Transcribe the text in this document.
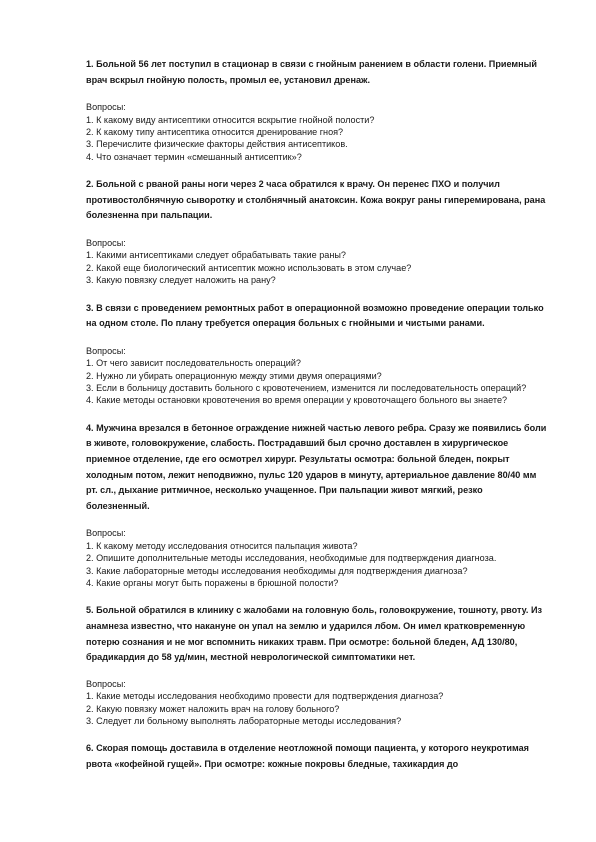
1. Больной 56 лет поступил в стационар в связи с гнойным ранением в области голени. Приемный врач вскрыл гнойную полость, промыл ее, установил дренаж.

Вопросы:

1. К какому виду антисептики относится вскрытие гнойной полости?

2. К какому типу антисептика относится дренирование гноя?

3. Перечислите физические факторы действия антисептиков.

4. Что означает термин «смешанный антисептик»?

2. Больной с рваной раны ноги через 2 часа обратился к врачу. Он перенес ПХО и получил противостолбнячную сыворотку и столбнячный анатоксин. Кожа вокруг раны гиперемирована, рана болезненна при пальпации.

Вопросы:

1. Какими антисептиками следует обрабатывать такие раны?

2. Какой еще биологический антисептик можно использовать в этом случае?

3. Какую повязку следует наложить на рану?

3. В связи с проведением ремонтных работ в операционной возможно проведение операции только на одном столе. По плану требуется операция больных с гнойными и чистыми ранами.

Вопросы:

1. От чего зависит последовательность операций?

2. Нужно ли убирать операционную между этими двумя операциями?

3. Если в больницу доставить больного с кровотечением, изменится ли последовательность операций?

4. Какие методы остановки кровотечения во время операции у кровоточащего больного вы знаете?

4. Мужчина врезался в бетонное ограждение нижней частью левого ребра. Сразу же появились боли в животе, головокружение, слабость. Пострадавший был срочно доставлен в хирургическое приемное отделение, где его осмотрел хирург. Результаты осмотра: больной бледен, покрыт холодным потом, лежит неподвижно, пульс 120 ударов в минуту, артериальное давление 80/40 мм рт. сл., дыхание ритмичное, несколько учащенное. При пальпации живот мягкий, резко болезненный.

Вопросы:

1. К какому методу исследования относится пальпация живота?

2. Опишите дополнительные методы исследования, необходимые для подтверждения диагноза.

3. Какие лабораторные методы исследования необходимы для подтверждения диагноза?

4. Какие органы могут быть поражены в брюшной полости?

5. Больной обратился в клинику с жалобами на головную боль, головокружение, тошноту, рвоту. Из анамнеза известно, что накануне он упал на землю и ударился лбом. Он имел кратковременную потерю сознания и не мог вспомнить никаких травм. При осмотре: больной бледен, АД 130/80, брадикардия до 58 уд/мин, местной неврологической симптоматики нет.

Вопросы:

1. Какие методы исследования необходимо провести для подтверждения диагноза?

2. Какую повязку может наложить врач на голову больного?

3. Следует ли больному выполнять лабораторные методы исследования?

6. Скорая помощь доставила в отделение неотложной помощи пациента, у которого неукротимая рвота «кофейной гущей». При осмотре: кожные покровы бледные, тахикардия до
